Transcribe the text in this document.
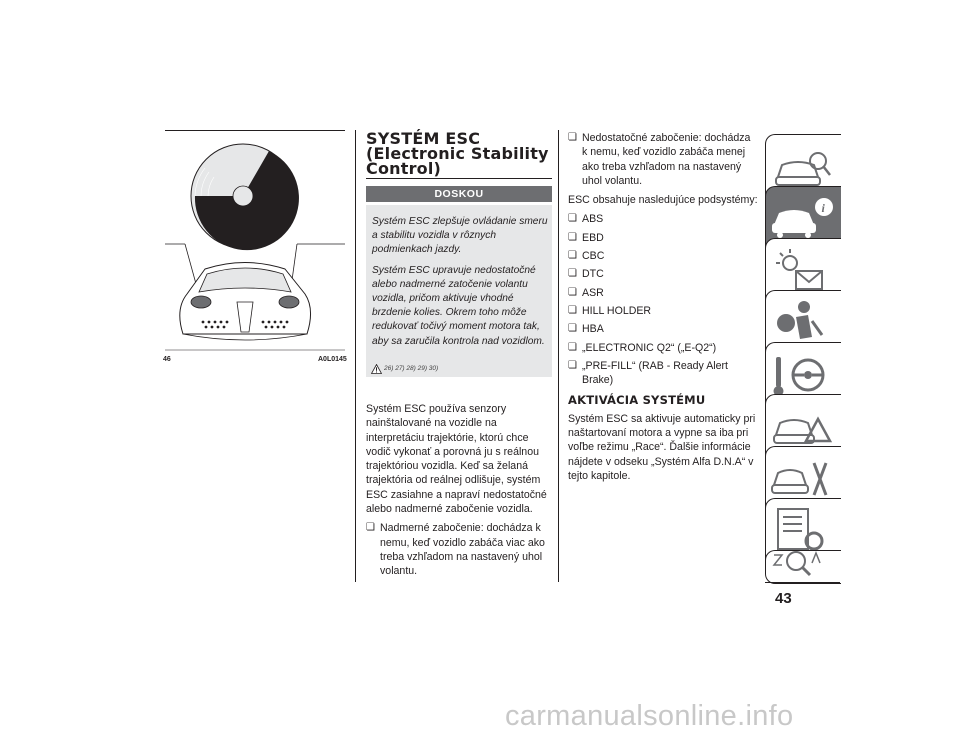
46	A0L0145
SYSTÉM ESC
(Electronic Stability
Control)
DOSKOU

Systém ESC zlepšuje ovládanie smeru a stabilitu vozidla v rôznych podmienkach jazdy.

Systém ESC upravuje nedostatočné alebo nadmerné zatočenie volantu vozidla, pričom aktivuje vhodné brzdenie kolies. Okrem toho môže redukovať točivý moment motora tak, aby sa zaručila kontrola nad vozidlom.

26) 27) 28) 29) 30)

Systém ESC používa senzory nainštalované na vozidle na interpretáciu trajektórie, ktorú chce vodič vykonať a porovná ju s reálnou trajektóriou vozidla. Keď sa želaná trajektória od reálnej odlišuje, systém ESC zasiahne a napraví nedostatočné alebo nadmerné zabočenie vozidla.

❏ Nadmerné zabočenie: dochádza k nemu, keď vozidlo zabáča viac ako treba vzhľadom na nastavený uhol volantu.
❏ Nedostatočné zabočenie: dochádza k nemu, keď vozidlo zabáča menej ako treba vzhľadom na nastavený uhol volantu.

ESC obsahuje nasledujúce podsystémy:

❏ ABS
❏ EBD
❏ CBC
❏ DTC
❏ ASR
❏ HILL HOLDER
❏ HBA
❏ „ELECTRONIC Q2“ („E-Q2“)
❏ „PRE-FILL“ (RAB - Ready Alert Brake)
AKTIVÁCIA SYSTÉMU

Systém ESC sa aktivuje automaticky pri naštartovaní motora a vypne sa iba pri voľbe režimu „Race“. Ďalšie informácie nájdete v odseku „Systém Alfa D.N.A“ v tejto kapitole.

i
43
carmanualsonline.info
